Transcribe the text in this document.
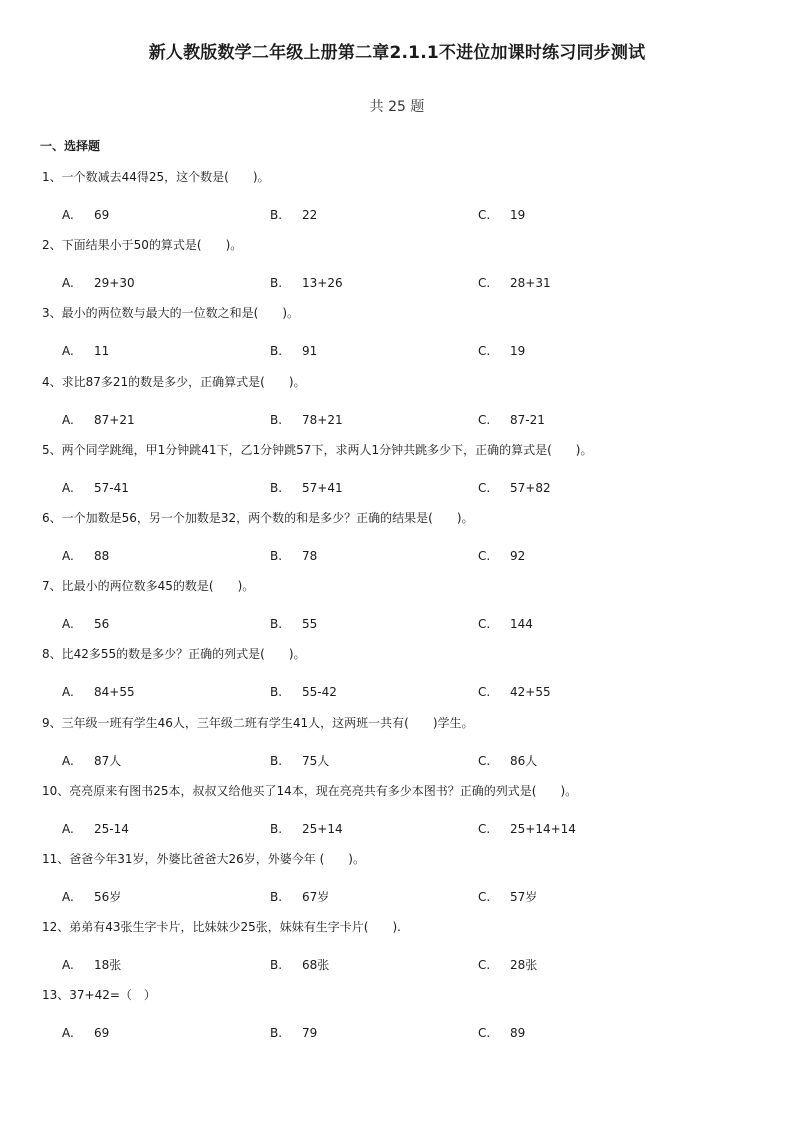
新人教版数学二年级上册第二章2.1.1不进位加课时练习同步测试
共 25 题
一、选择题
1、一个数减去44得25，这个数是(　　)。
A. 69	B. 22	C. 19
2、下面结果小于50的算式是(　　)。
A. 29+30	B. 13+26	C. 28+31
3、最小的两位数与最大的一位数之和是(　　)。
A. 11	B. 91	C. 19
4、求比87多21的数是多少，正确算式是(　　)。
A. 87+21	B. 78+21	C. 87-21
5、两个同学跳绳，甲1分钟跳41下，乙1分钟跳57下，求两人1分钟共跳多少下，正确的算式是(　　)。
A. 57-41	B. 57+41	C. 57+82
6、一个加数是56，另一个加数是32，两个数的和是多少？正确的结果是(　　)。
A. 88	B. 78	C. 92
7、比最小的两位数多45的数是(　　)。
A. 56	B. 55	C. 144
8、比42多55的数是多少？正确的列式是(　　)。
A. 84+55	B. 55-42	C. 42+55
9、三年级一班有学生46人，三年级二班有学生41人，这两班一共有(　　)学生。
A. 87人	B. 75人	C. 86人
10、亮亮原来有图书25本，叔叔又给他买了14本，现在亮亮共有多少本图书？正确的列式是(　　)。
A. 25-14	B. 25+14	C. 25+14+14
11、爸爸今年31岁，外婆比爸爸大26岁，外婆今年 (　　)。
A. 56岁	B. 67岁	C. 57岁
12、弟弟有43张生字卡片，比妹妹少25张，妹妹有生字卡片(　　).
A. 18张	B. 68张	C. 28张
13、37+42=（　）
A. 69	B. 79	C. 89
